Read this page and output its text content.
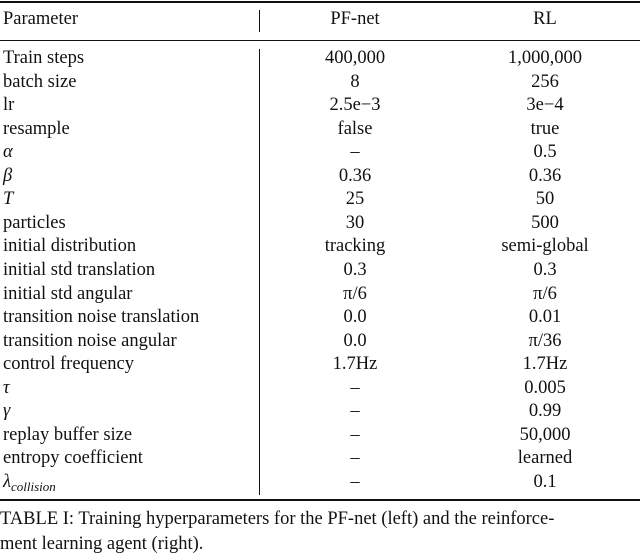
Parameter	PF-net	RL
Train steps	400,000	1,000,000
batch size	8	256
lr	2.5e−3	3e−4
resample	false	true
α	–	0.5
β	0.36	0.36
T	25	50
particles	30	500
initial distribution	tracking	semi-global
initial std translation	0.3	0.3
initial std angular	π/6	π/6
transition noise translation	0.0	0.01
transition noise angular	0.0	π/36
control frequency	1.7Hz	1.7Hz
τ	–	0.005
γ	–	0.99
replay buffer size	–	50,000
entropy coefficient	–	learned
$\lambda_{collision}$	–	0.1
TABLE I: Training hyperparameters for the PF-net (left) and the reinforce-
ment learning agent (right).
